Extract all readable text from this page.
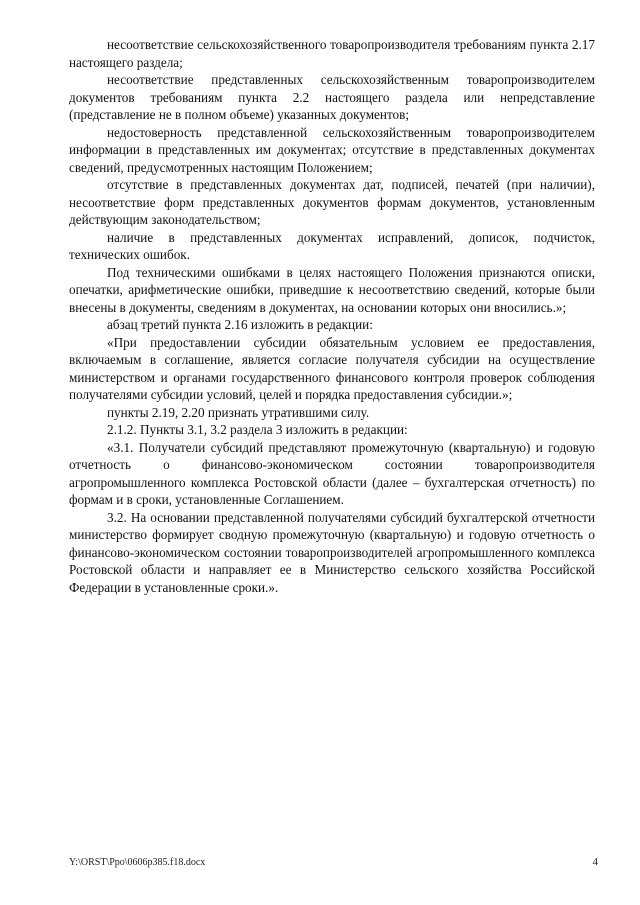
несоответствие сельскохозяйственного товаропроизводителя требованиям пункта 2.17 настоящего раздела;

несоответствие представленных сельскохозяйственным товаропроизводителем документов требованиям пункта 2.2 настоящего раздела или непредставление (представление не в полном объеме) указанных документов;

недостоверность представленной сельскохозяйственным товаропроизводителем информации в представленных им документах; отсутствие в представленных документах сведений, предусмотренных настоящим Положением;

отсутствие в представленных документах дат, подписей, печатей (при наличии), несоответствие форм представленных документов формам документов, установленным действующим законодательством;

наличие в представленных документах исправлений, дописок, подчисток, технических ошибок.

Под техническими ошибками в целях настоящего Положения признаются описки, опечатки, арифметические ошибки, приведшие к несоответствию сведений, которые были внесены в документы, сведениям в документах, на основании которых они вносились.»;

абзац третий пункта 2.16 изложить в редакции:

«При предоставлении субсидии обязательным условием ее предоставления, включаемым в соглашение, является согласие получателя субсидии на осуществление министерством и органами государственного финансового контроля проверок соблюдения получателями субсидии условий, целей и порядка предоставления субсидии.»;

пункты 2.19, 2.20 признать утратившими силу.

2.1.2. Пункты 3.1, 3.2 раздела 3 изложить в редакции:

«3.1. Получатели субсидий представляют промежуточную (квартальную) и годовую отчетность о финансово-экономическом состоянии товаропроизводителя агропромышленного комплекса Ростовской области (далее – бухгалтерская отчетность) по формам и в сроки, установленные Соглашением.

3.2. На основании представленной получателями субсидий бухгалтерской отчетности министерство формирует сводную промежуточную (квартальную) и годовую отчетность о финансово-экономическом состоянии товаропроизводителей агропромышленного комплекса Ростовской области и направляет ее в Министерство сельского хозяйства Российской Федерации в установленные сроки.».

Y:\ORST\Ppo\0606p385.f18.docx	4
